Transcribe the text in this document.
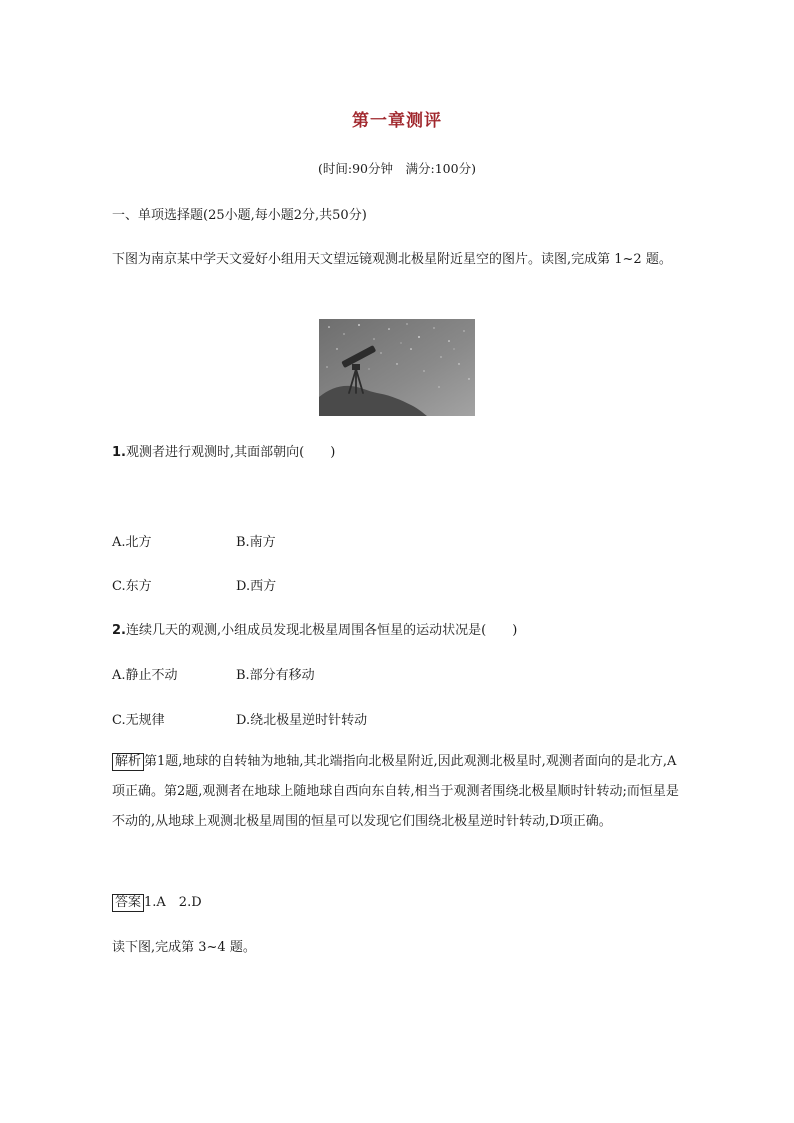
第一章测评
(时间:90分钟　满分:100分)
一、单项选择题(25小题,每小题2分,共50分)
下图为南京某中学天文爱好小组用天文望远镜观测北极星附近星空的图片。读图,完成第 1~2 题。
1.观测者进行观测时,其面部朝向(　　)
A.北方	B.南方
C.东方	D.西方
2.连续几天的观测,小组成员发现北极星周围各恒星的运动状况是(　　)
A.静止不动	B.部分有移动
C.无规律	D.绕北极星逆时针转动
解析 第1题,地球的自转轴为地轴,其北端指向北极星附近,因此观测北极星时,观测者面向的是北方,A项正确。第2题,观测者在地球上随地球自西向东自转,相当于观测者围绕北极星顺时针转动;而恒星是不动的,从地球上观测北极星周围的恒星可以发现它们围绕北极星逆时针转动,D项正确。
答案 1.A　2.D
读下图,完成第 3~4 题。
